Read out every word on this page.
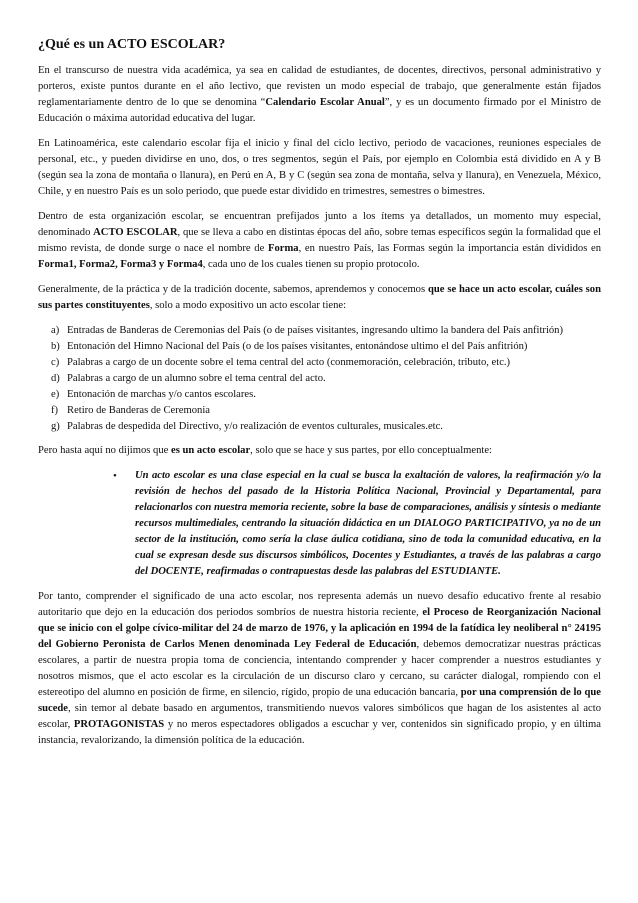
¿Qué es un ACTO ESCOLAR?

En el transcurso de nuestra vida académica, ya sea en calidad de estudiantes, de docentes, directivos, personal administrativo y porteros, existe puntos durante en el año lectivo, que revisten un modo especial de trabajo, que generalmente están fijados reglamentariamente dentro de lo que se denomina “Calendario Escolar Anual”, y es un documento firmado por el Ministro de Educación o máxima autoridad educativa del lugar.

En Latinoamérica, este calendario escolar fija el inicio y final del ciclo lectivo, periodo de vacaciones, reuniones especiales de personal, etc., y pueden dividirse en uno, dos, o tres segmentos, según el País, por ejemplo en Colombia está dividido en A y B (según sea la zona de montaña o llanura), en Perú en A, B y C (según sea zona de montaña, selva y llanura), en Venezuela, México, Chile, y en nuestro País es un solo periodo, que puede estar dividido en trimestres, semestres o bimestres.

Dentro de esta organización escolar, se encuentran prefijados junto a los ítems ya detallados, un momento muy especial, denominado ACTO ESCOLAR, que se lleva a cabo en distintas épocas del año, sobre temas específicos según la formalidad que el mismo revista, de donde surge o nace el nombre de Forma, en nuestro País, las Formas según la importancia están divididos en Forma1, Forma2, Forma3 y Forma4, cada uno de los cuales tienen su propio protocolo.

Generalmente, de la práctica y de la tradición docente, sabemos, aprendemos y conocemos que se hace un acto escolar, cuáles son sus partes constituyentes, solo a modo expositivo un acto escolar tiene:

a) Entradas de Banderas de Ceremonias del País (o de países visitantes, ingresando ultimo la bandera del País anfitrión)
b) Entonación del Himno Nacional del País (o de los países visitantes, entonándose ultimo el del País anfitrión)
c) Palabras a cargo de un docente sobre el tema central del acto (conmemoración, celebración, tributo, etc.)
d) Palabras a cargo de un alumno sobre el tema central del acto.
e) Entonación de marchas y/o cantos escolares.
f) Retiro de Banderas de Ceremonia
g) Palabras de despedida del Directivo, y/o realización de eventos culturales, musicales.etc.

Pero hasta aquí no dijimos que es un acto escolar, solo que se hace y sus partes, por ello conceptualmente:

•	Un acto escolar es una clase especial en la cual se busca la exaltación de valores, la reafirmación y/o la revisión de hechos del pasado de la Historia Política Nacional, Provincial y Departamental, para relacionarlos con nuestra memoria reciente, sobre la base de comparaciones, análisis y síntesis o mediante recursos multimediales, centrando la situación didáctica en un DIALOGO PARTICIPATIVO, ya no de un sector de la institución, como sería la clase áulica cotidiana, sino de toda la comunidad educativa, en la cual se expresan desde sus discursos simbólicos, Docentes y Estudiantes, a través de las palabras a cargo del DOCENTE, reafirmadas o contrapuestas desde las palabras del ESTUDIANTE.

Por tanto, comprender el significado de una acto escolar, nos representa además un nuevo desafío educativo frente al resabio autoritario que dejo en la educación dos periodos sombríos de nuestra historia reciente, el Proceso de Reorganización Nacional que se inicio con el golpe cívico-militar del 24 de marzo de 1976, y la aplicación en 1994 de la fatídica ley neoliberal n° 24195 del Gobierno Peronista de Carlos Menen denominada Ley Federal de Educación, debemos democratizar nuestras prácticas escolares, a partir de nuestra propia toma de conciencia, intentando comprender y hacer comprender a nuestros estudiantes y nosotros mismos, que el acto escolar es la circulación de un discurso claro y cercano, su carácter dialogal, rompiendo con el estereotipo del alumno en posición de firme, en silencio, rígido, propio de una educación bancaria, por una comprensión de lo que sucede, sin temor al debate basado en argumentos, transmitiendo nuevos valores simbólicos que hagan de los asistentes al acto escolar, PROTAGONISTAS y no meros espectadores obligados a escuchar y ver, contenidos sin significado propio, y en última instancia, revalorizando, la dimensión política de la educación.
